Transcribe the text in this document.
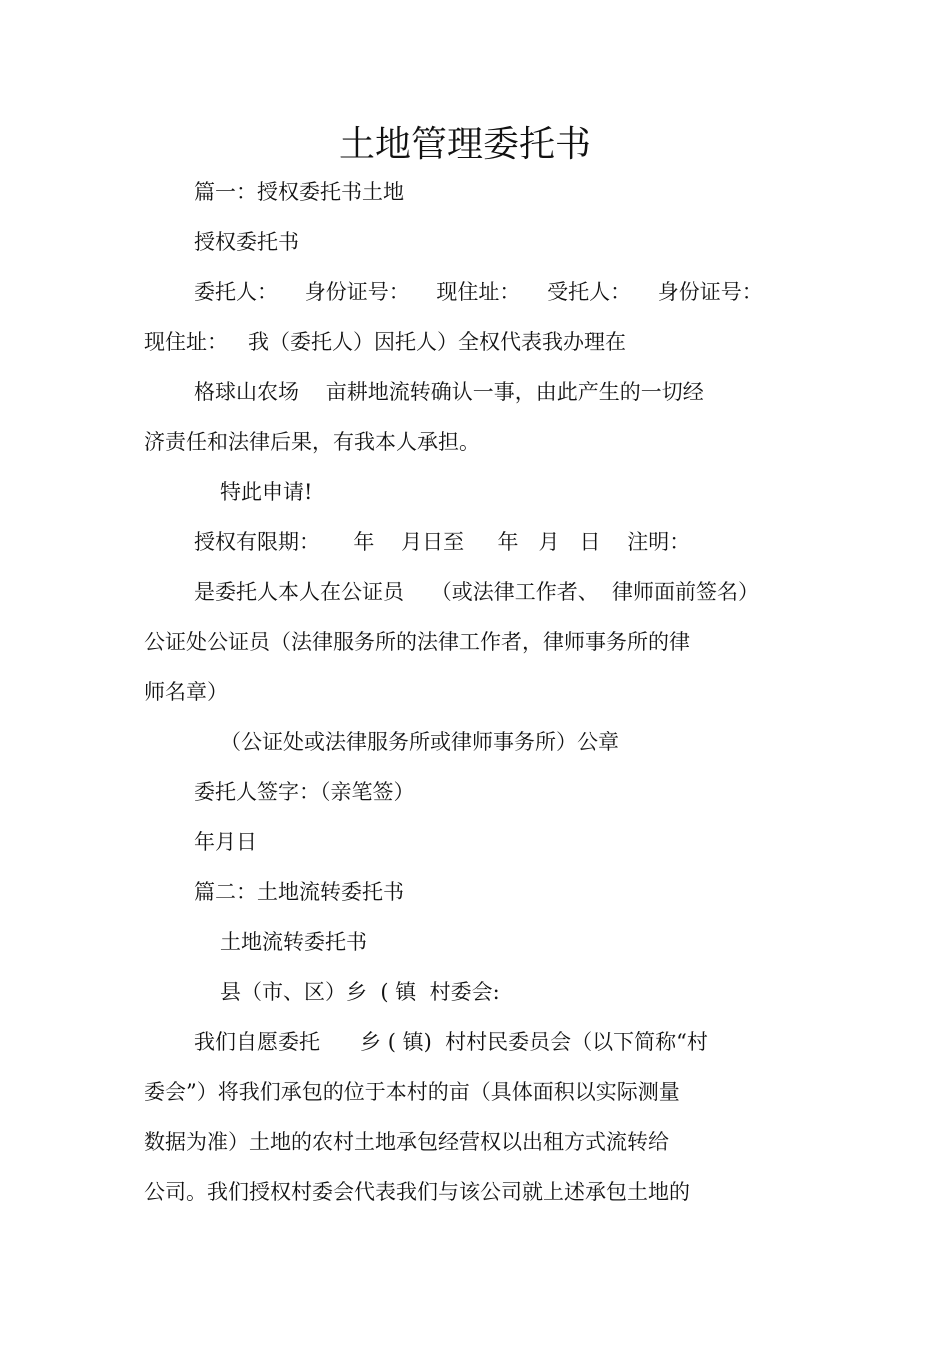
土地管理委托书

篇一：授权委托书土地

授权委托书

委托人：    身份证号：    现住址：    受托人：    身份证号：

现住址：   我（委托人）因托人）全权代表我办理在

格球山农场    亩耕地流转确认一事，由此产生的一切经

济责任和法律后果，有我本人承担。

特此申请!

授权有限期：     年    月日至     年   月   日    注明：

是委托人本人在公证员    （或法律工作者、  律师面前签名）

公证处公证员（法律服务所的法律工作者，律师事务所的律

师名章）

（公证处或法律服务所或律师事务所）公章

委托人签字：（亲笔签）

年月日

篇二：土地流转委托书

土地流转委托书

县（市、区）乡  ( 镇  村委会:

我们自愿委托      乡 ( 镇)  村村民委员会（以下简称“村

委会”）将我们承包的位于本村的亩（具体面积以实际测量

数据为准）土地的农村土地承包经营权以出租方式流转给

公司。我们授权村委会代表我们与该公司就上述承包土地的
